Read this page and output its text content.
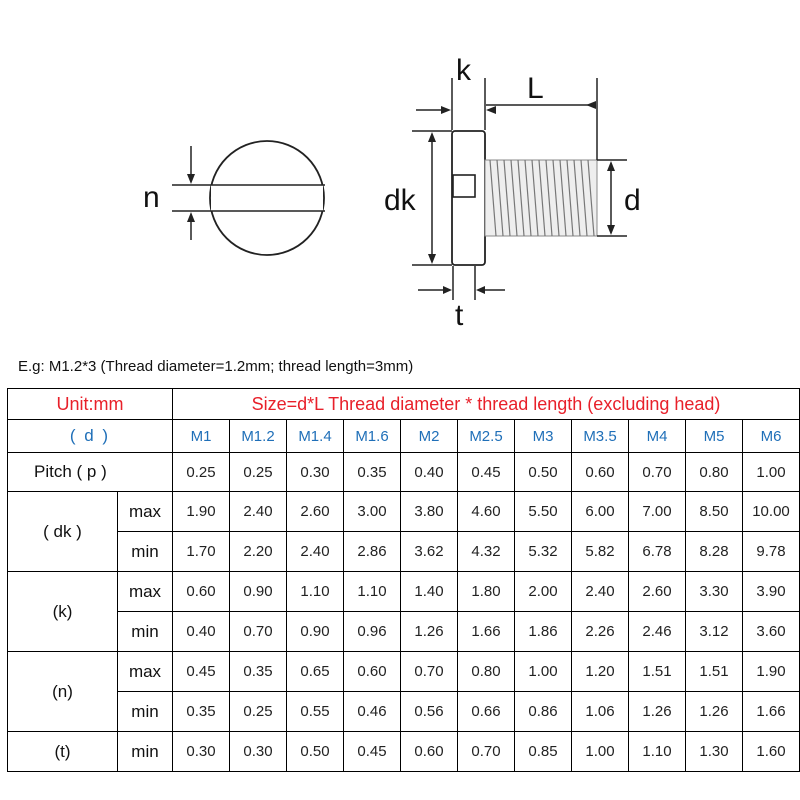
n
k
L
dk	d
t
E.g: M1.2*3 (Thread diameter=1.2mm; thread length=3mm)
Unit:mm		Size=d*L Thread diameter * thread length (excluding head)										
( d )		M1	M1.2	M1.4	M1.6	M2	M2.5	M3	M3.5	M4	M5	M6
Pitch ( p )		0.25	0.25	0.30	0.35	0.40	0.45	0.50	0.60	0.70	0.80	1.00
( dk )	max	1.90	2.40	2.60	3.00	3.80	4.60	5.50	6.00	7.00	8.50	10.00
	min	1.70	2.20	2.40	2.86	3.62	4.32	5.32	5.82	6.78	8.28	9.78
(k)	max	0.60	0.90	1.10	1.10	1.40	1.80	2.00	2.40	2.60	3.30	3.90
	min	0.40	0.70	0.90	0.96	1.26	1.66	1.86	2.26	2.46	3.12	3.60
(n)	max	0.45	0.35	0.65	0.60	0.70	0.80	1.00	1.20	1.51	1.51	1.90
	min	0.35	0.25	0.55	0.46	0.56	0.66	0.86	1.06	1.26	1.26	1.66
(t)	min	0.30	0.30	0.50	0.45	0.60	0.70	0.85	1.00	1.10	1.30	1.60
